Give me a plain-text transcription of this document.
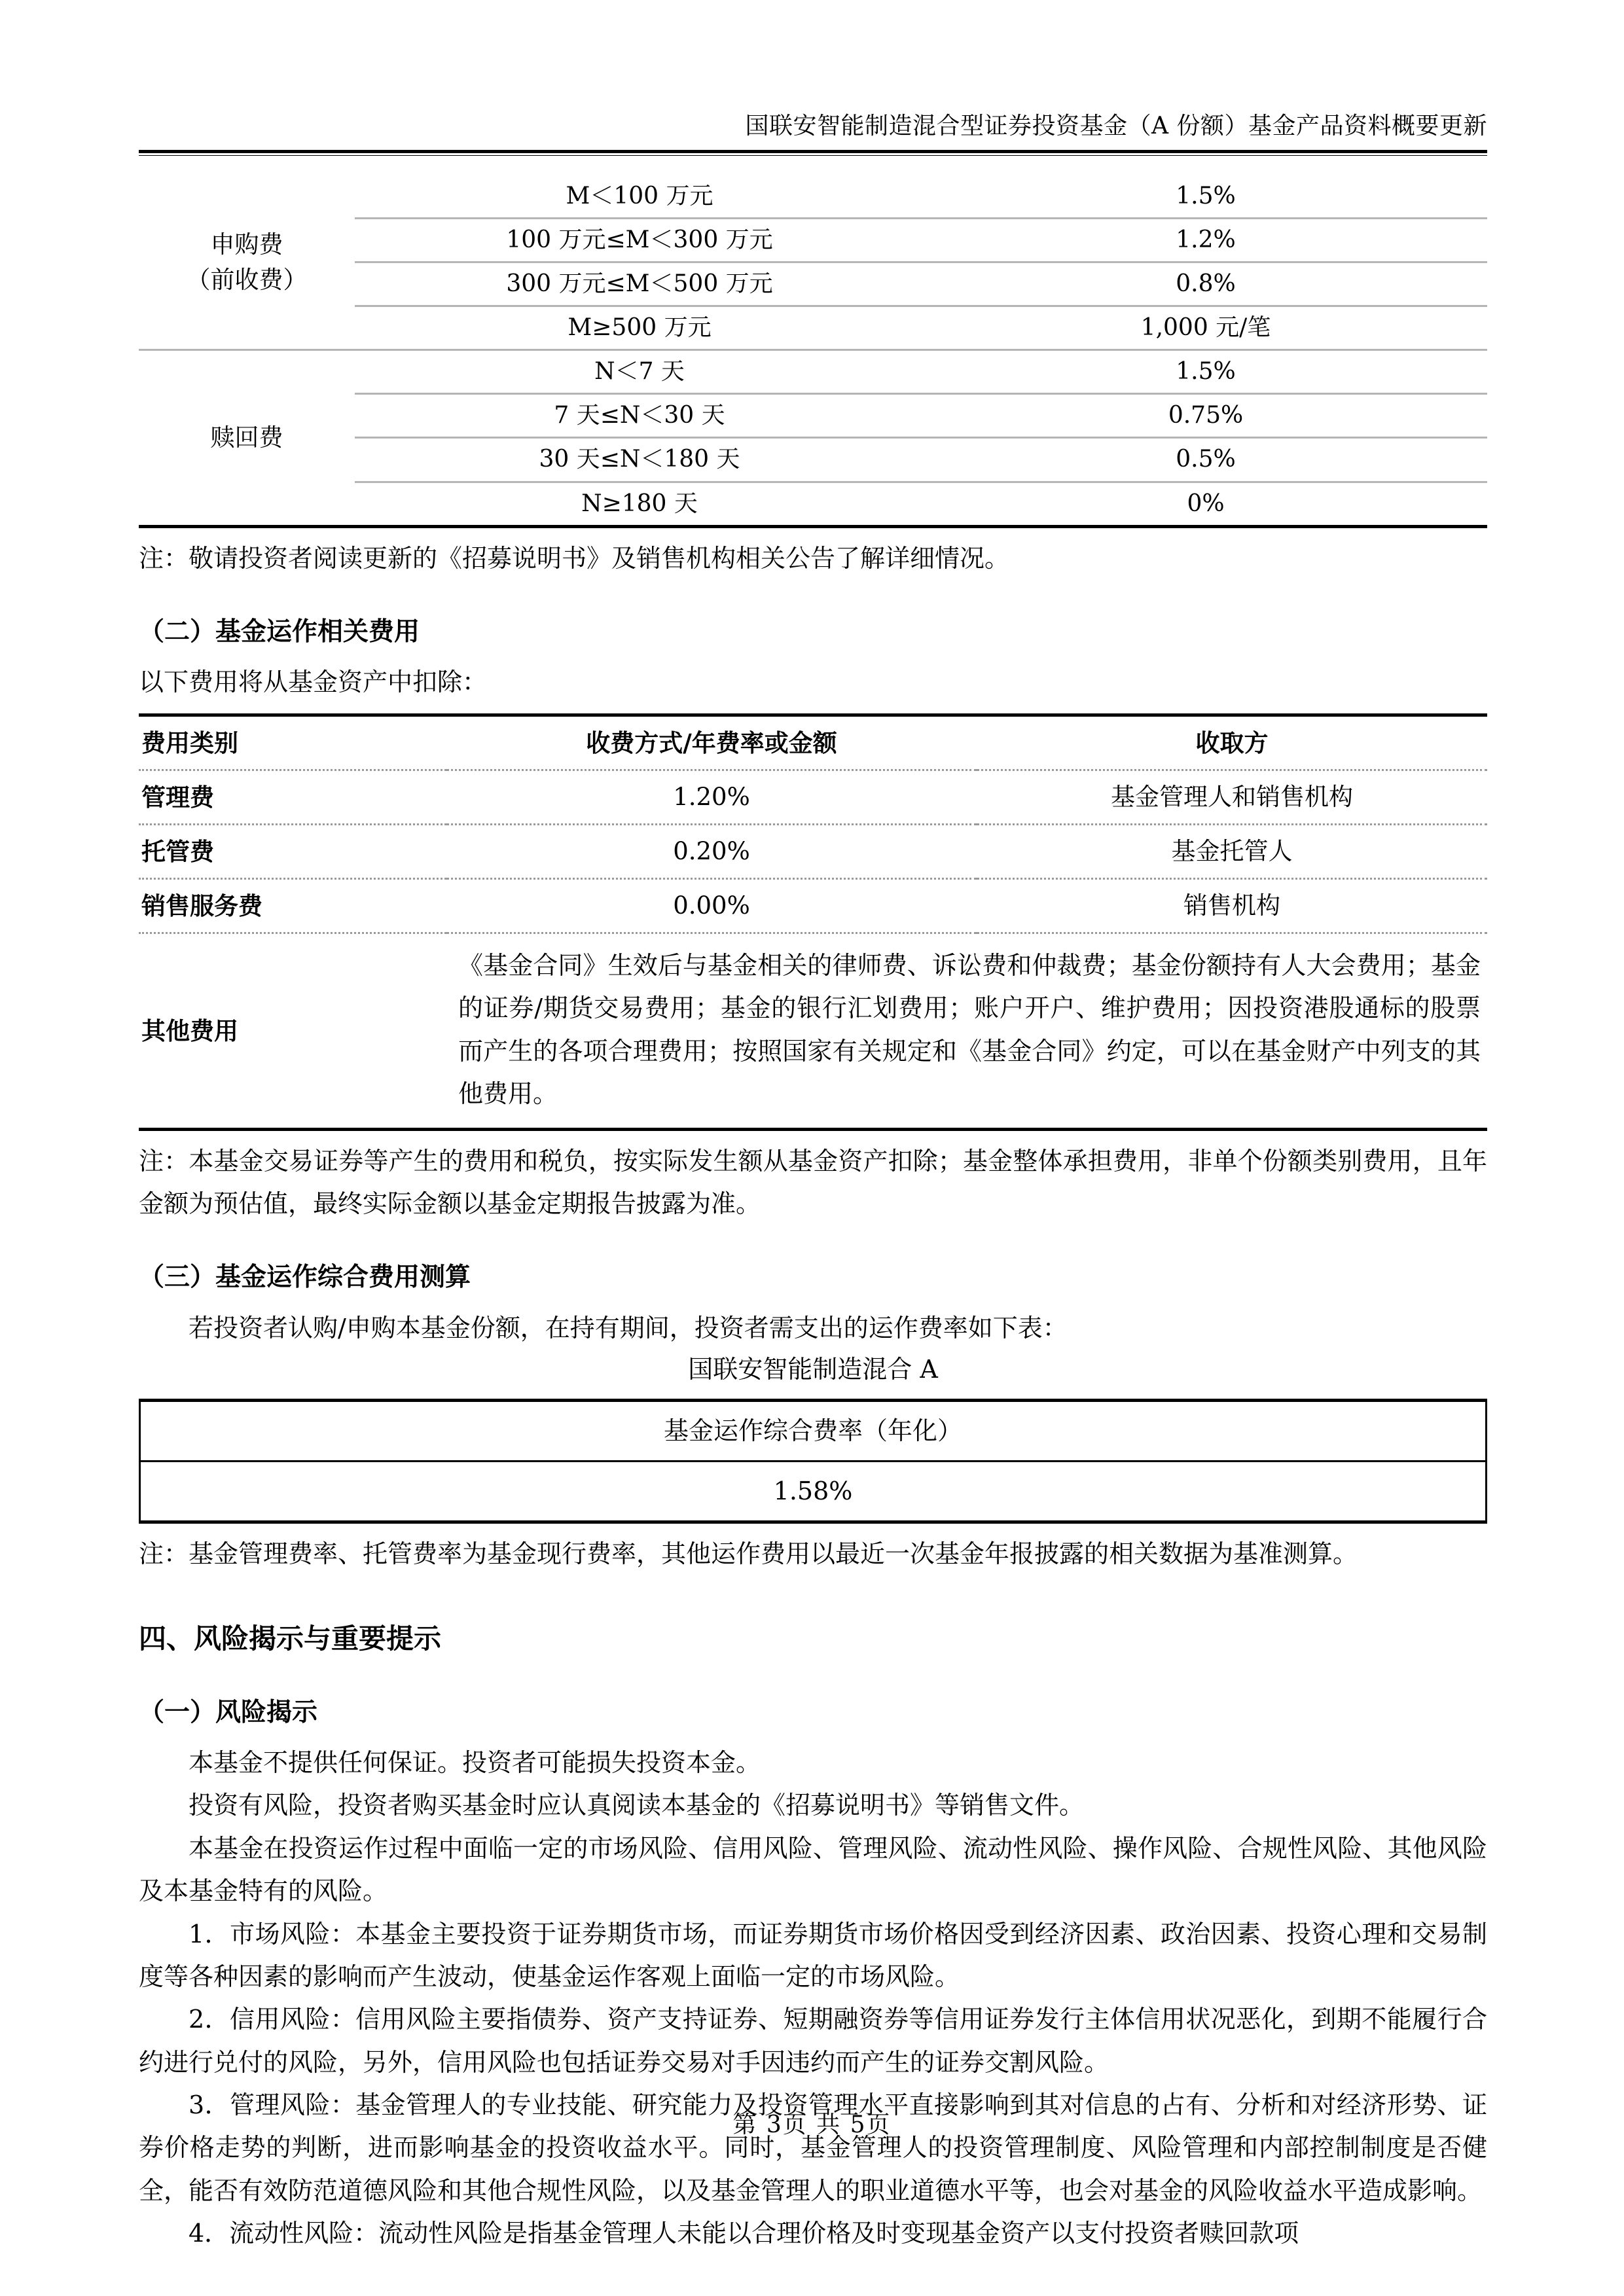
国联安智能制造混合型证券投资基金（A 份额）基金产品资料概要更新
申购费
（前收费）	M＜100 万元	1.5%
	100 万元≤M＜300 万元	1.2%
	300 万元≤M＜500 万元	0.8%
	M≥500 万元	1,000 元/笔

赎回费	N＜7 天	1.5%
	7 天≤N＜30 天	0.75%
	30 天≤N＜180 天	0.5%
	N≥180 天	0%

注：敬请投资者阅读更新的《招募说明书》及销售机构相关公告了解详细情况。

（二）基金运作相关费用

以下费用将从基金资产中扣除：

费用类别	收费方式/年费率或金额	收取方
管理费	1.20%	基金管理人和销售机构
托管费	0.20%	基金托管人
销售服务费	0.00%	销售机构
其他费用	《基金合同》生效后与基金相关的律师费、诉讼费和仲裁费；基金份额持有人大会费用；基金的证券/期货交易费用；基金的银行汇划费用；账户开户、维护费用；因投资港股通标的股票而产生的各项合理费用；按照国家有关规定和《基金合同》约定，可以在基金财产中列支的其他费用。	

注：本基金交易证券等产生的费用和税负，按实际发生额从基金资产扣除；基金整体承担费用，非单个份额类别费用，且年金额为预估值，最终实际金额以基金定期报告披露为准。

（三）基金运作综合费用测算

若投资者认购/申购本基金份额，在持有期间，投资者需支出的运作费率如下表：

国联安智能制造混合 A
基金运作综合费率（年化）
1.58%

注：基金管理费率、托管费率为基金现行费率，其他运作费用以最近一次基金年报披露的相关数据为基准测算。

四、风险揭示与重要提示

（一）风险揭示

本基金不提供任何保证。投资者可能损失投资本金。

投资有风险，投资者购买基金时应认真阅读本基金的《招募说明书》等销售文件。

本基金在投资运作过程中面临一定的市场风险、信用风险、管理风险、流动性风险、操作风险、合规性风险、其他风险及本基金特有的风险。

1．市场风险：本基金主要投资于证券期货市场，而证券期货市场价格因受到经济因素、政治因素、投资心理和交易制度等各种因素的影响而产生波动，使基金运作客观上面临一定的市场风险。

2．信用风险：信用风险主要指债券、资产支持证券、短期融资券等信用证券发行主体信用状况恶化，到期不能履行合约进行兑付的风险，另外，信用风险也包括证券交易对手因违约而产生的证券交割风险。

3．管理风险：基金管理人的专业技能、研究能力及投资管理水平直接影响到其对信息的占有、分析和对经济形势、证券价格走势的判断，进而影响基金的投资收益水平。同时，基金管理人的投资管理制度、风险管理和内部控制制度是否健全，能否有效防范道德风险和其他合规性风险，以及基金管理人的职业道德水平等，也会对基金的风险收益水平造成影响。

4．流动性风险：流动性风险是指基金管理人未能以合理价格及时变现基金资产以支付投资者赎回款项

第 3页 共 5页
